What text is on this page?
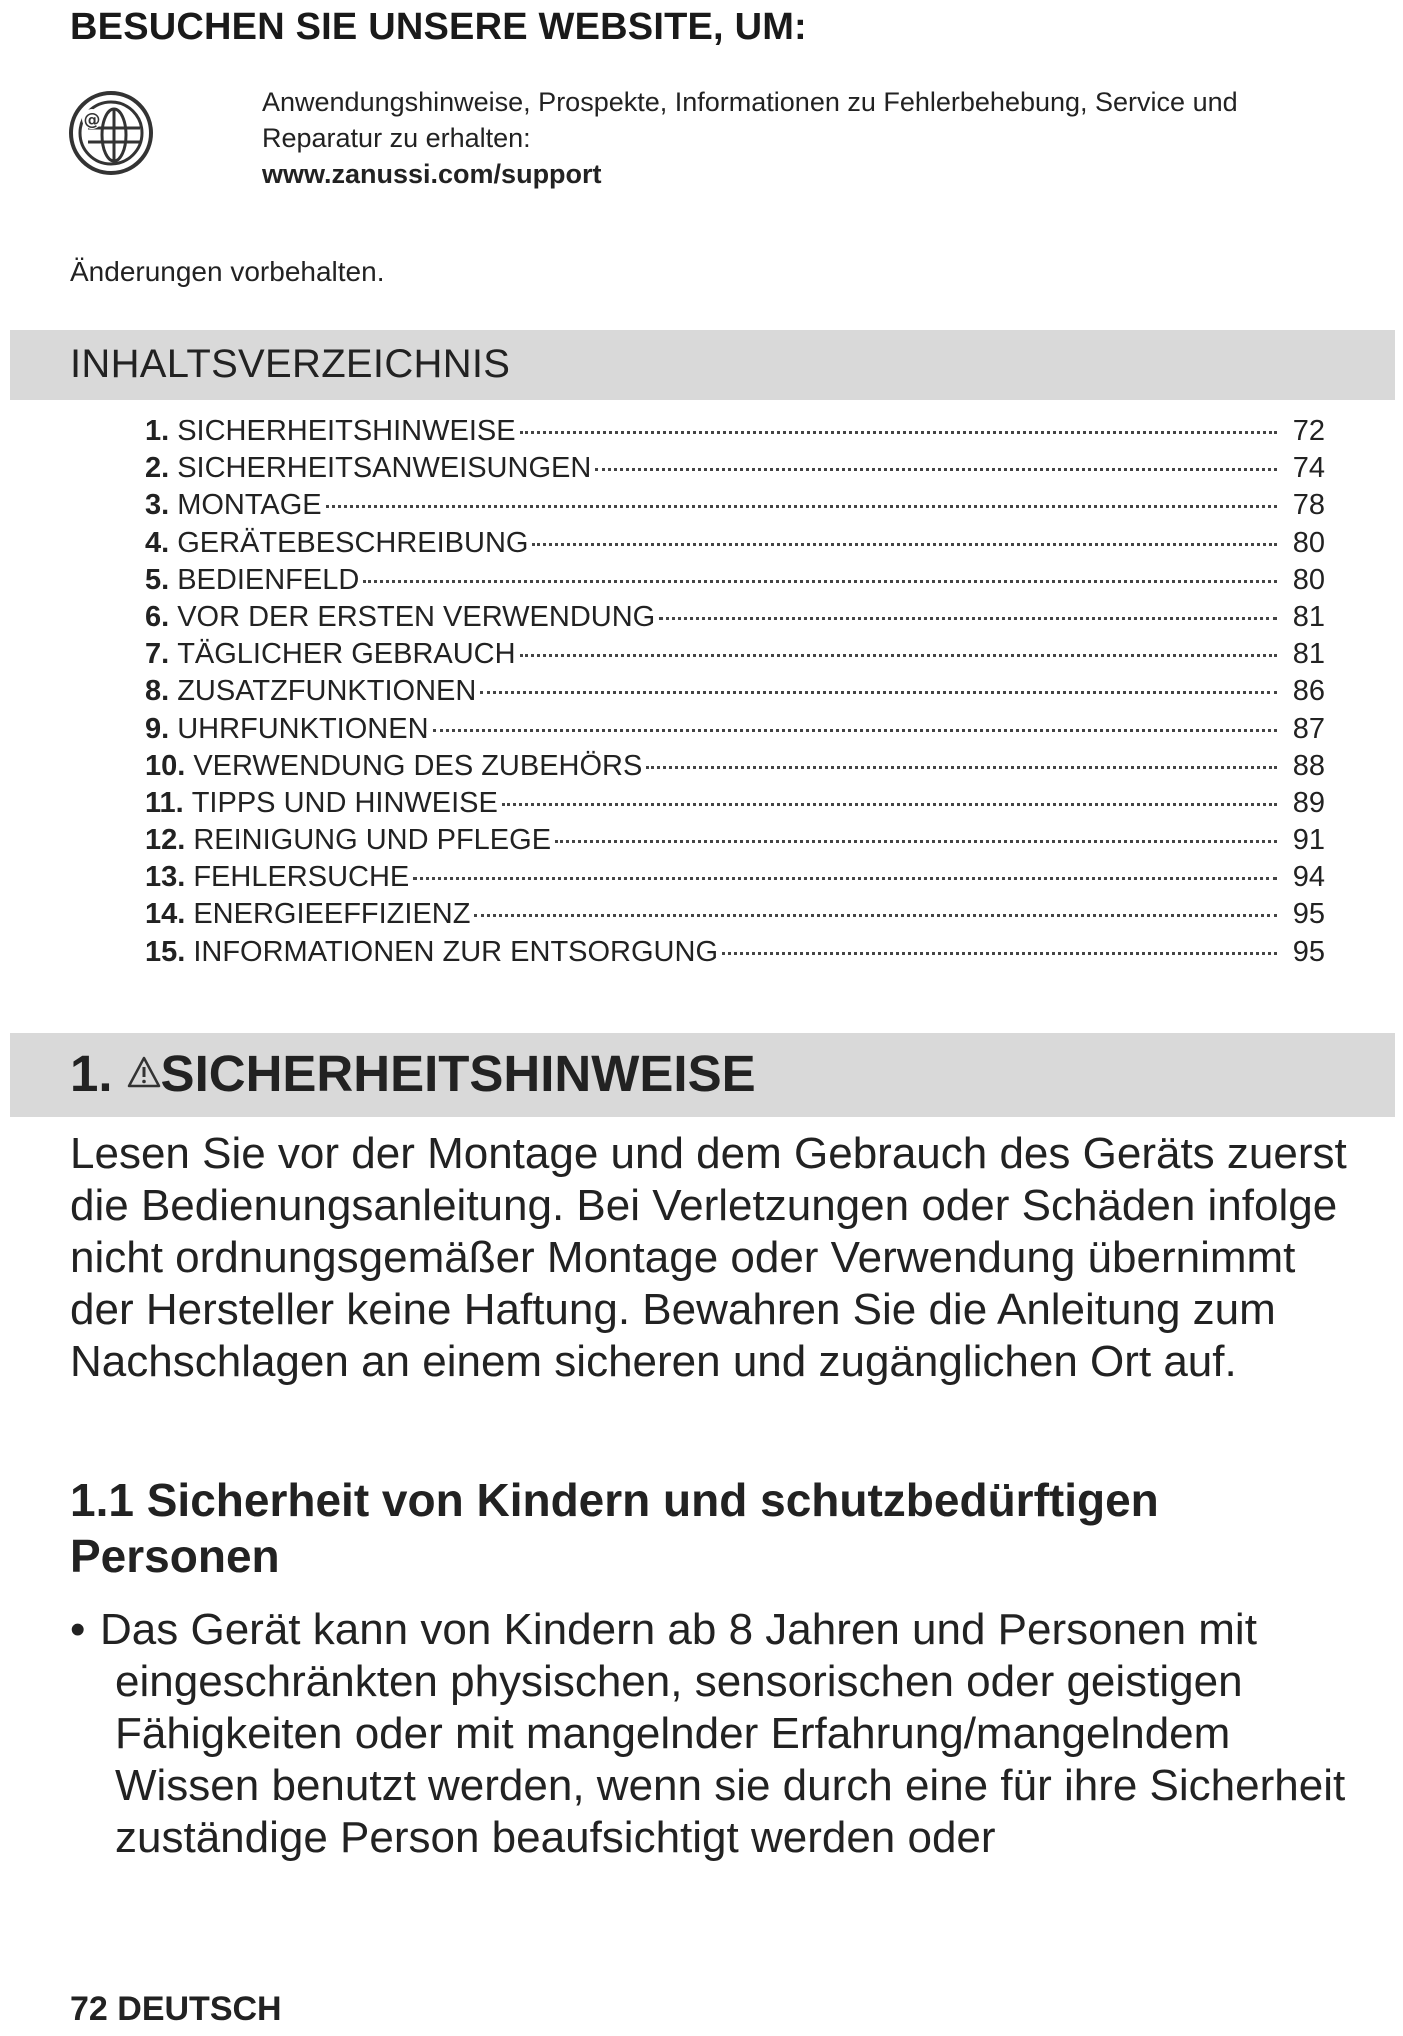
BESUCHEN SIE UNSERE WEBSITE, UM:
@
Anwendungshinweise, Prospekte, Informationen zu Fehlerbehebung, Service und Reparatur zu erhalten:
www.zanussi.com/support
Änderungen vorbehalten.
INHALTSVERZEICHNIS
1. SICHERHEITSHINWEISE	72
2. SICHERHEITSANWEISUNGEN	74
3. MONTAGE	78
4. GERÄTEBESCHREIBUNG	80
5. BEDIENFELD	80
6. VOR DER ERSTEN VERWENDUNG	81
7. TÄGLICHER GEBRAUCH	81
8. ZUSATZFUNKTIONEN	86
9. UHRFUNKTIONEN	87
10. VERWENDUNG DES ZUBEHÖRS	88
11. TIPPS UND HINWEISE	89
12. REINIGUNG UND PFLEGE	91
13. FEHLERSUCHE	94
14. ENERGIEEFFIZIENZ	95
15. INFORMATIONEN ZUR ENTSORGUNG	95
1. SICHERHEITSHINWEISE
Lesen Sie vor der Montage und dem Gebrauch des Geräts zuerst die Bedienungsanleitung. Bei Verletzungen oder Schäden infolge nicht ordnungsgemäßer Montage oder Verwendung übernimmt der Hersteller keine Haftung. Bewahren Sie die Anleitung zum Nachschlagen an einem sicheren und zugänglichen Ort auf.
1.1 Sicherheit von Kindern und schutzbedürftigen Personen
• Das Gerät kann von Kindern ab 8 Jahren und Personen mit eingeschränkten physischen, sensorischen oder geistigen Fähigkeiten oder mit mangelnder Erfahrung/mangelndem Wissen benutzt werden, wenn sie durch eine für ihre Sicherheit zuständige Person beaufsichtigt werden oder
72 DEUTSCH
